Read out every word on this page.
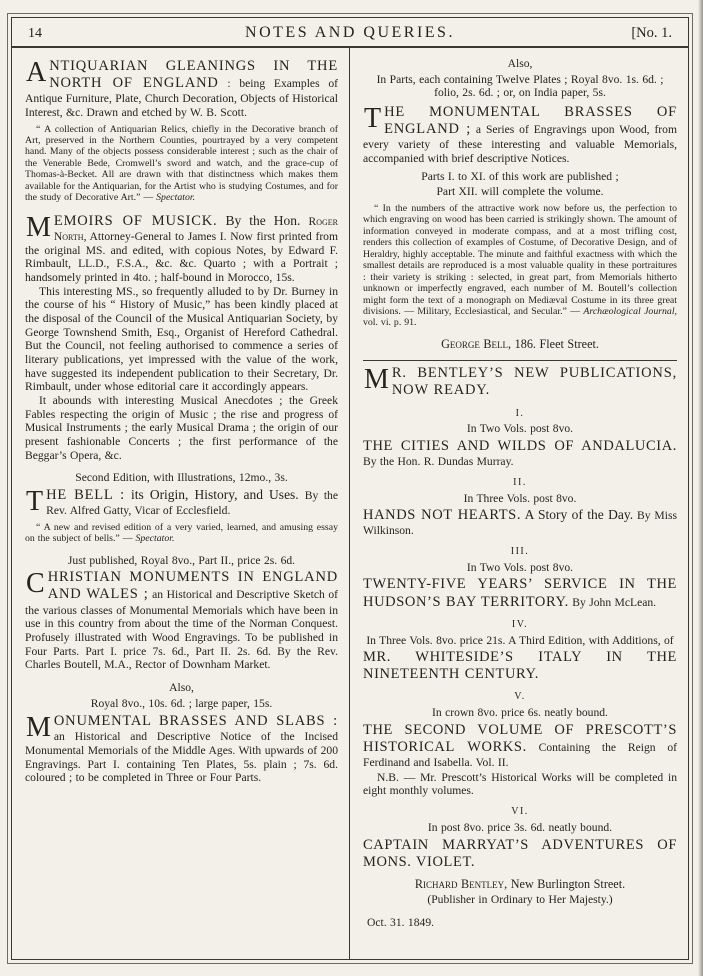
14	NOTES AND QUERIES.	[No. 1.

ANTIQUARIAN GLEANINGS IN THE NORTH OF ENGLAND : being Examples of Antique Furniture, Plate, Church Decoration, Objects of Historical Interest, &c. Drawn and etched by W. B. Scott.

“ A collection of Antiquarian Relics, chiefly in the Decorative branch of Art, preserved in the Northern Counties, pourtrayed by a very competent hand. Many of the objects possess considerable interest ; such as the chair of the Venerable Bede, Cromwell’s sword and watch, and the grace-cup of Thomas-à-Becket. All are drawn with that distinctness which makes them available for the Antiquarian, for the Artist who is studying Costumes, and for the study of Decorative Art.” — Spectator.

MEMOIRS OF MUSICK. By the Hon. Roger North, Attorney-General to James I. Now first printed from the original MS. and edited, with copious Notes, by Edward F. Rimbault, LL.D., F.S.A., &c. &c. Quarto ; with a Portrait ; handsomely printed in 4to. ; half-bound in Morocco, 15s.

This interesting MS., so frequently alluded to by Dr. Burney in the course of his “ History of Music,” has been kindly placed at the disposal of the Council of the Musical Antiquarian Society, by George Townshend Smith, Esq., Organist of Hereford Cathedral. But the Council, not feeling authorised to commence a series of literary publications, yet impressed with the value of the work, have suggested its independent publication to their Secretary, Dr. Rimbault, under whose editorial care it accordingly appears.

It abounds with interesting Musical Anecdotes ; the Greek Fables respecting the origin of Music ; the rise and progress of Musical Instruments ; the early Musical Drama ; the origin of our present fashionable Concerts ; the first performance of the Beggar’s Opera, &c.

Second Edition, with Illustrations, 12mo., 3s.

THE BELL : its Origin, History, and Uses. By the Rev. Alfred Gatty, Vicar of Ecclesfield.

“ A new and revised edition of a very varied, learned, and amusing essay on the subject of bells.” — Spectator.

Just published, Royal 8vo., Part II., price 2s. 6d.

CHRISTIAN MONUMENTS IN ENGLAND AND WALES ; an Historical and Descriptive Sketch of the various classes of Monumental Memorials which have been in use in this country from about the time of the Norman Conquest. Profusely illustrated with Wood Engravings. To be published in Four Parts. Part I. price 7s. 6d., Part II. 2s. 6d. By the Rev. Charles Boutell, M.A., Rector of Downham Market.

Also,

Royal 8vo., 10s. 6d. ; large paper, 15s.

MONUMENTAL BRASSES AND SLABS : an Historical and Descriptive Notice of the Incised Monumental Memorials of the Middle Ages. With upwards of 200 Engravings. Part I. containing Ten Plates, 5s. plain ; 7s. 6d. coloured ; to be completed in Three or Four Parts.

Also,

In Parts, each containing Twelve Plates ; Royal 8vo. 1s. 6d. ; folio, 2s. 6d. ; or, on India paper, 5s.

THE MONUMENTAL BRASSES OF ENGLAND ; a Series of Engravings upon Wood, from every variety of these interesting and valuable Memorials, accompanied with brief descriptive Notices.

Parts I. to XI. of this work are published ;

Part XII. will complete the volume.

“ In the numbers of the attractive work now before us, the perfection to which engraving on wood has been carried is strikingly shown. The amount of information conveyed in moderate compass, and at a most trifling cost, renders this collection of examples of Costume, of Decorative Design, and of Heraldry, highly acceptable. The minute and faithful exactness with which the smallest details are reproduced is a most valuable quality in these portraitures : their variety is striking : selected, in great part, from Memorials hitherto unknown or imperfectly engraved, each number of M. Boutell’s collection might form the text of a monograph on Mediæval Costume in its three great divisions. — Military, Ecclesiastical, and Secular.” — Archæological Journal, vol. vi. p. 91.

George Bell, 186. Fleet Street.

M R. BENTLEY’S NEW PUBLICATIONS, NOW READY.

I.

In Two Vols. post 8vo.

THE CITIES AND WILDS OF ANDALUCIA. By the Hon. R. Dundas Murray.

II.

In Three Vols. post 8vo.

HANDS NOT HEARTS. A Story of the Day. By Miss Wilkinson.

III.

In Two Vols. post 8vo.

TWENTY-FIVE YEARS’ SERVICE IN THE HUDSON’S BAY TERRITORY. By John McLean.

IV.

In Three Vols. 8vo. price 21s. A Third Edition, with Additions, of

MR. WHITESIDE’S ITALY IN THE NINETEENTH CENTURY.

V.

In crown 8vo. price 6s. neatly bound.

THE SECOND VOLUME OF PRESCOTT’S HISTORICAL WORKS. Containing the Reign of Ferdinand and Isabella. Vol. II.

N.B. — Mr. Prescott’s Historical Works will be completed in eight monthly volumes.

VI.

In post 8vo. price 3s. 6d. neatly bound.

CAPTAIN MARRYAT’S ADVENTURES OF MONS. VIOLET.

Richard Bentley, New Burlington Street.

(Publisher in Ordinary to Her Majesty.)

Oct. 31. 1849.
